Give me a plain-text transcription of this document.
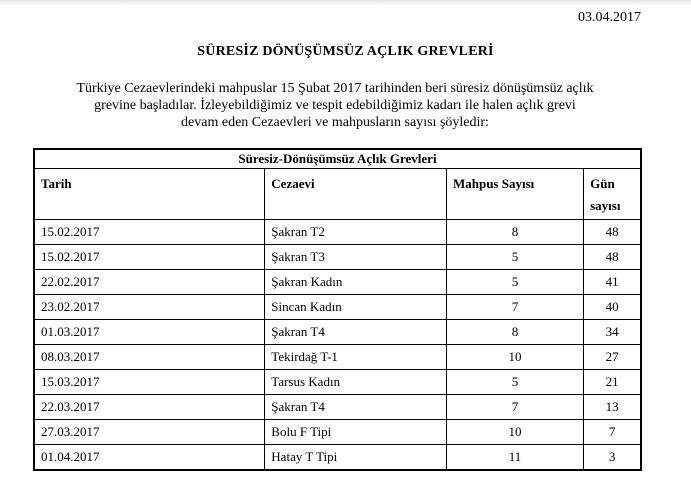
03.04.2017
SÜRESİZ DÖNÜŞÜMSÜZ AÇLIK GREVLERİ
Türkiye Cezaevlerindeki mahpuslar 15 Şubat 2017 tarihinden beri süresiz dönüşümsüz açlık
grevine başladılar. İzleyebildiğimiz ve tespit edebildiğimiz kadarı ile halen açlık grevi
devam eden Cezaevleri ve mahpusların sayısı şöyledir:
Süresiz-Dönüşümsüz Açlık Grevleri			
Tarih	Cezaevi	Mahpus Sayısı	Gün
sayısı

15.02.2017	Şakran T2	8	48
15.02.2017	Şakran T3	5	48
22.02.2017	Şakran Kadın	5	41
23.02.2017	Sincan Kadın	7	40
01.03.2017	Şakran T4	8	34
08.03.2017	Tekirdağ T-1	10	27
15.03.2017	Tarsus Kadın	5	21
22.03.2017	Şakran T4	7	13
27.03.2017	Bolu F Tipi	10	7
01.04.2017	Hatay T Tipi	11	3
